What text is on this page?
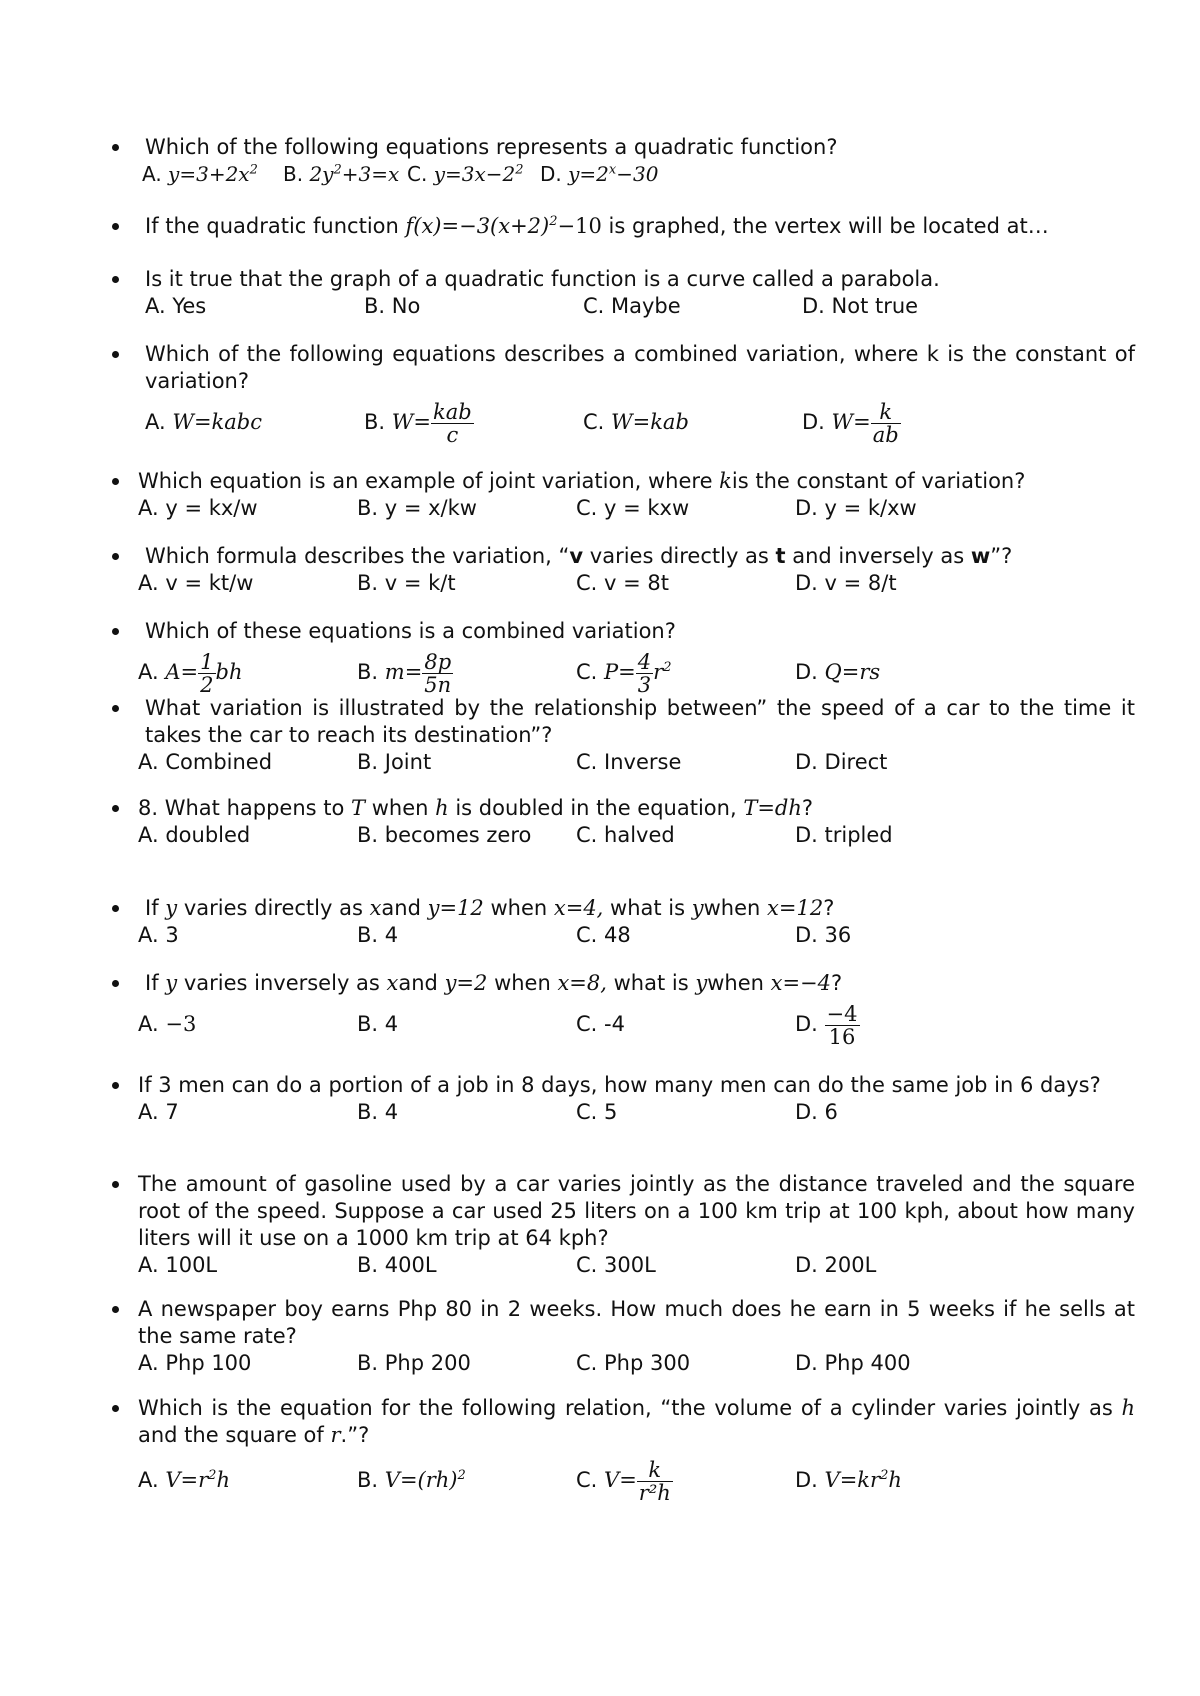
Which of the following equations represents a quadratic function?
A. $y=3+2x^2$ B. $2y^2+3=x$ C. $y=3x-2^2$ D. $y=2^x-30$
If the quadratic function $f(x)=-3(x+2)^2-10$ is graphed, the vertex will be located at…
Is it true that the graph of a quadratic function is a curve called a parabola.
A. Yes	B. No	C. Maybe	D. Not true
Which of the following equations describes a combined variation, where k is the constant of variation?
A. W=kabc	B. $W= \frac{\text{kab}}{c}$	C. W=kab	D. $W= \frac{k}{ab}$
Which equation is an example of joint variation, where kis the constant of variation?
A. y = kx/w	B. y = x/kw	C. y = kxw	D. y = k/xw
Which formula describes the variation, “v varies directly as t and inversely as w”?
A. v = kt/w	B. v = k/t	C. v = 8t	D. v = 8/t
Which of these equations is a combined variation?
A. $A= \frac{1}{2}$ bh	B. $m= \frac{8p}{5n}$	C. $P= \frac{4}{3} r^2$	D. Q=rs
What variation is illustrated by the relationship between” the speed of a car to the time it takes the car to reach its destination”?
A. Combined	B. Joint	C. Inverse	D. Direct
8. What happens to T when h is doubled in the equation, T=dh?
A. doubled	B. becomes zero C. halved	D. tripled
If y varies directly as xand y=12 when x=4, what is ywhen x=12?
A. 3	B. 4	C. 48	D. 36
If y varies inversely as xand y=2 when x=8, what is ywhen x=−4?
A. −3	B. 4	C. -4	D. $\frac{-4}{16}$
If 3 men can do a portion of a job in 8 days, how many men can do the same job in 6 days?
A. 7	B. 4	C. 5	D. 6
The amount of gasoline used by a car varies jointly as the distance traveled and the square root of the speed. Suppose a car used 25 liters on a 100 km trip at 100 kph, about how many liters will it use on a 1000 km trip at 64 kph?
A. 100L	B. 400L	C. 300L	D. 200L
A newspaper boy earns Php 80 in 2 weeks. How much does he earn in 5 weeks if he sells at the same rate?
A. Php 100	B. Php 200	C. Php 300	D. Php 400
Which is the equation for the following relation, “the volume of a cylinder varies jointly as h and the square of r.”?
A. $V=r^2h$	B. V=(rh)$^2$	C. $V= \frac{k}{\text{r²h}}$	D. $V=kr^2h$
